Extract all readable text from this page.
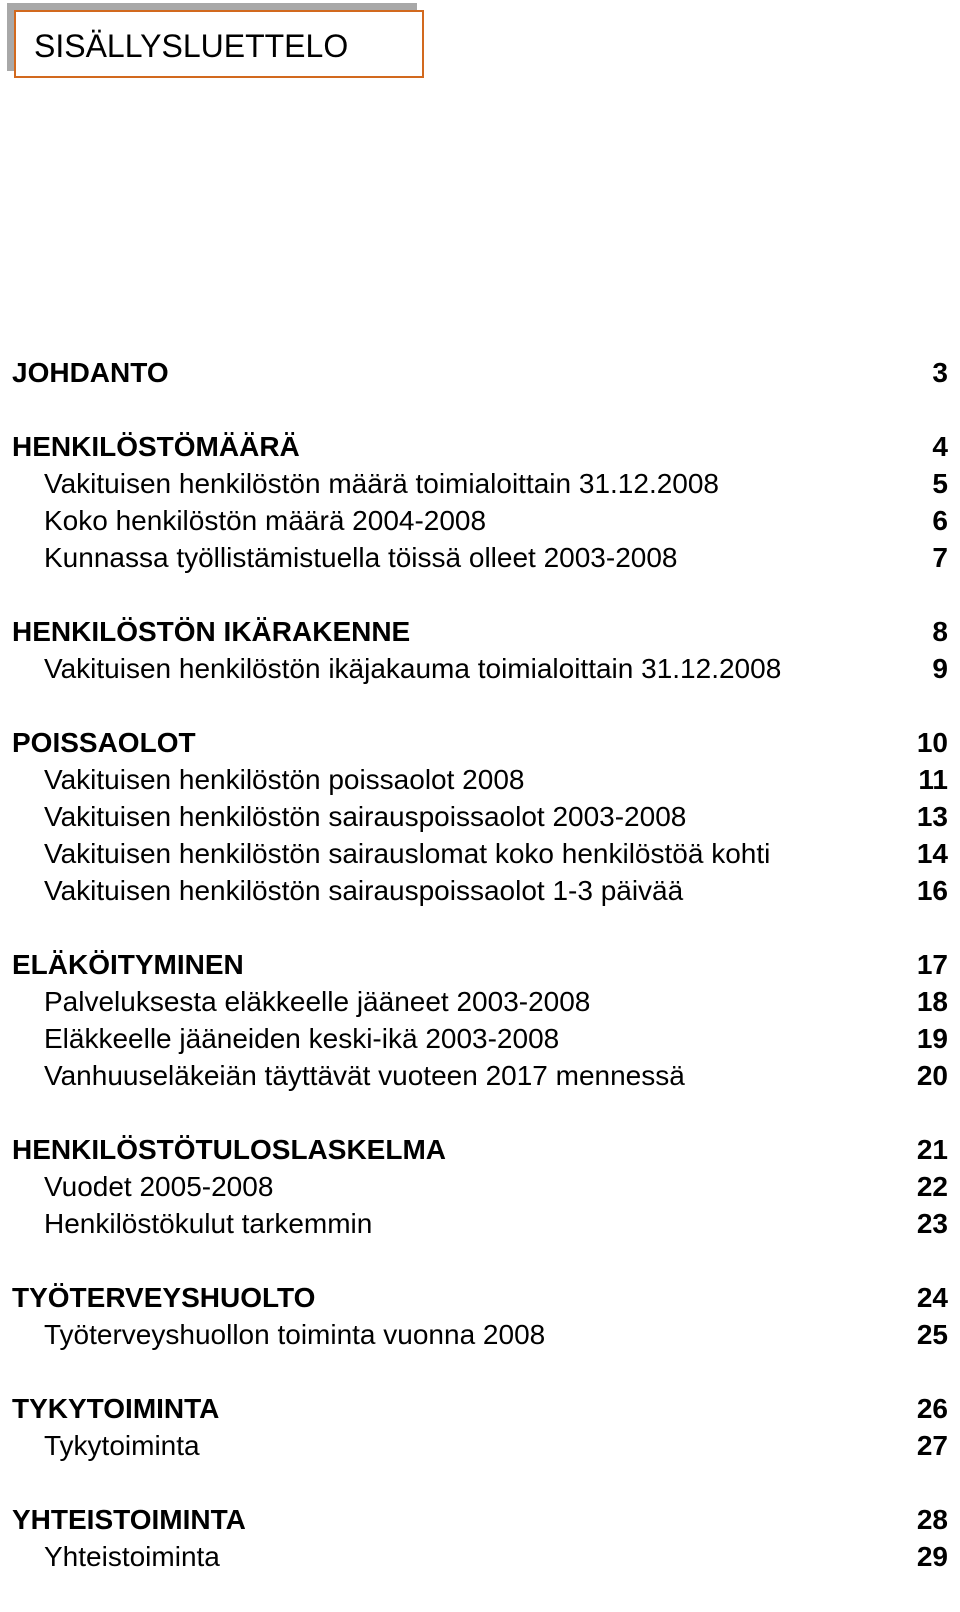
SISÄLLYSLUETTELO
JOHDANTO	3
HENKILÖSTÖMÄÄRÄ	4
Vakituisen henkilöstön määrä toimialoittain 31.12.2008	5
Koko henkilöstön määrä 2004-2008	6
Kunnassa työllistämistuella töissä olleet 2003-2008	7
HENKILÖSTÖN IKÄRAKENNE	8
Vakituisen henkilöstön ikäjakauma toimialoittain 31.12.2008	9
POISSAOLOT	10
Vakituisen henkilöstön poissaolot 2008	11
Vakituisen henkilöstön sairauspoissaolot 2003-2008	13
Vakituisen henkilöstön sairauslomat koko henkilöstöä kohti	14
Vakituisen henkilöstön sairauspoissaolot 1-3 päivää	16
ELÄKÖITYMINEN	17
Palveluksesta eläkkeelle jääneet 2003-2008	18
Eläkkeelle jääneiden keski-ikä 2003-2008	19
Vanhuuseläkeiän täyttävät vuoteen 2017 mennessä	20
HENKILÖSTÖTULOSLASKELMA	21
Vuodet 2005-2008	22
Henkilöstökulut tarkemmin	23
TYÖTERVEYSHUOLTO	24
Työterveyshuollon toiminta vuonna 2008	25
TYKYTOIMINTA	26
Tykytoiminta	27
YHTEISTOIMINTA	28
Yhteistoiminta	29
